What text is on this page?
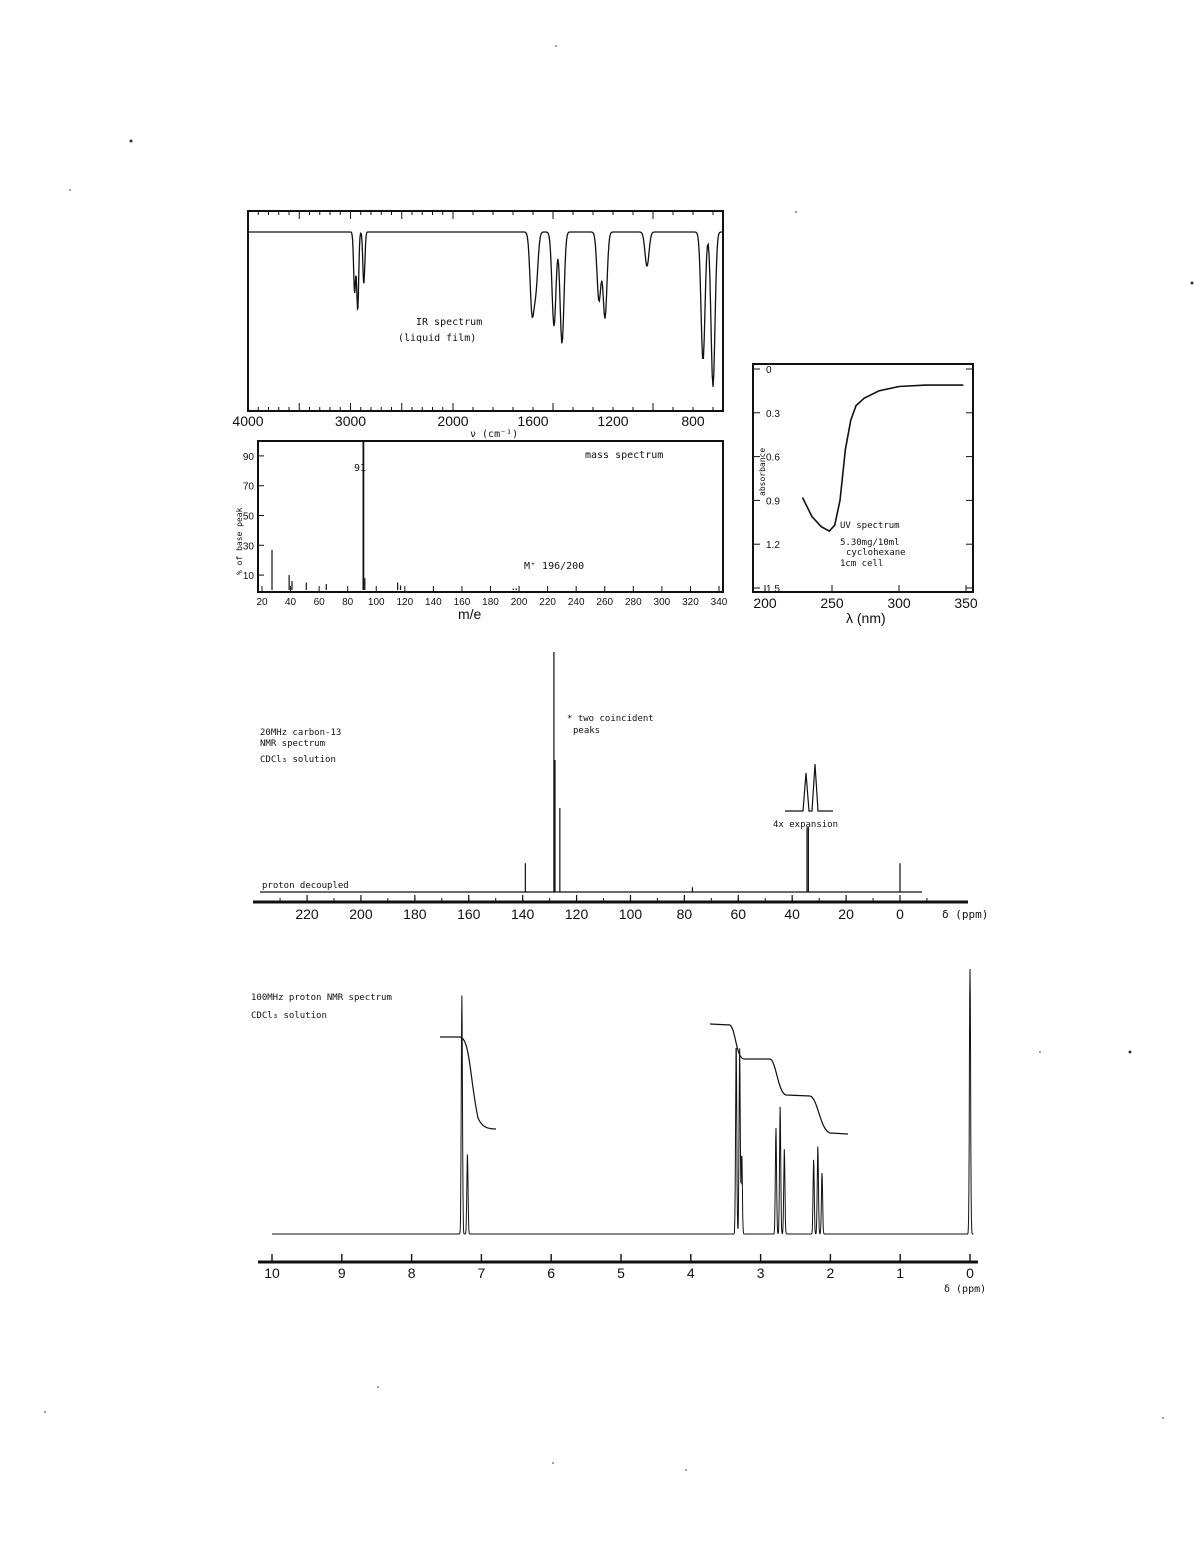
4000	3000	2000	1600	1200	800
20 40 60 80 100 120 140 160 180 200 220 240 260 280 300 320 340
90
70
50
30
10
0
0.3
0.6
0.9
1.2
1.5
200	250	300	350
220 200 180 160 140 120 100 80	60	40	20	0
10	9	8	7	6	5	4	3	2	1	0
IR spectrum
(liquid film)
ν (cm⁻¹)
mass spectrum
91
M⁺ 196/200
m/e
% of base peak	UV spectrum
5.30mg/10ml
cyclohexane
1cm cell
absorbance
λ (nm)
20MHz carbon-13
NMR spectrum
CDCl₃ solution
* two coincident
peaks
4x expansion
proton decoupled
δ (ppm)
100MHz proton NMR spectrum
CDCl₃ solution
δ (ppm)
